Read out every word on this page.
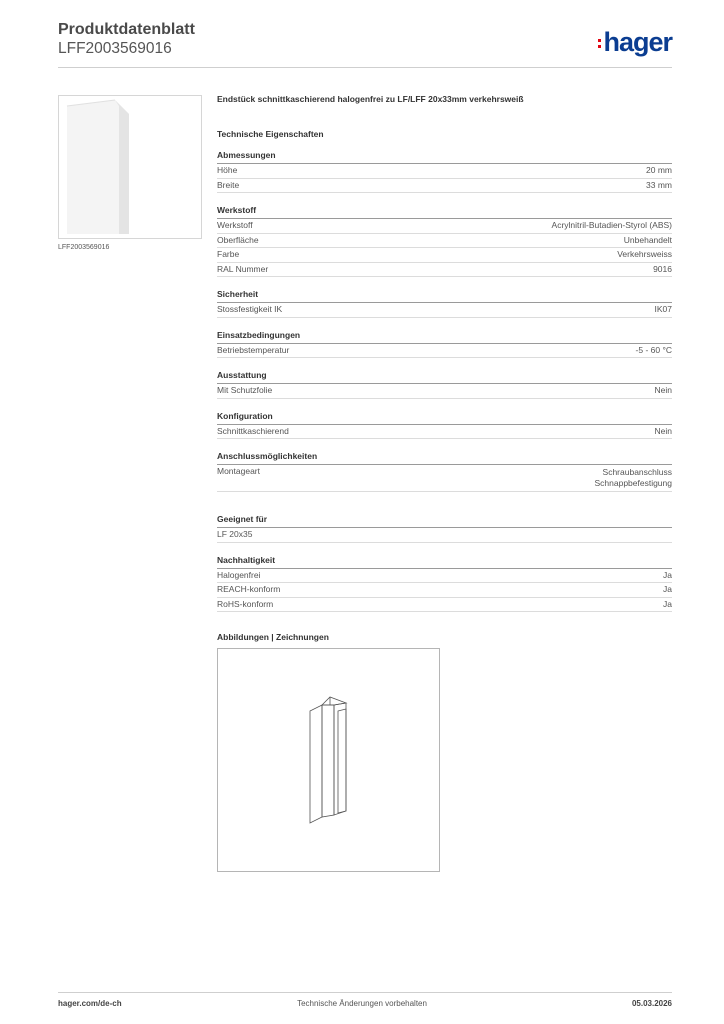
Produktdatenblatt
LFF2003569016	hager
LFF2003569016
Endstück schnittkaschierend halogenfrei zu LF/LFF 20x33mm verkehrsweiß
Technische Eigenschaften
Abmessungen
Höhe	20 mm
Breite	33 mm
Werkstoff
Werkstoff	Acrylnitril-Butadien-Styrol (ABS)
Oberfläche	Unbehandelt
Farbe	Verkehrsweiss
RAL Nummer	9016
Sicherheit
Stossfestigkeit IK	IK07
Einsatzbedingungen
Betriebstemperatur	-5 - 60 °C
Ausstattung
Mit Schutzfolie	Nein
Konfiguration
Schnittkaschierend	Nein
Anschlussmöglichkeiten
Montageart	Schraubanschluss
Schnappbefestigung
Geeignet für
LF 20x35
Nachhaltigkeit
Halogenfrei	Ja
REACH-konform	Ja
RoHS-konform	Ja
Abbildungen | Zeichnungen
hager.com/de-ch	Technische Änderungen vorbehalten	05.03.2026
